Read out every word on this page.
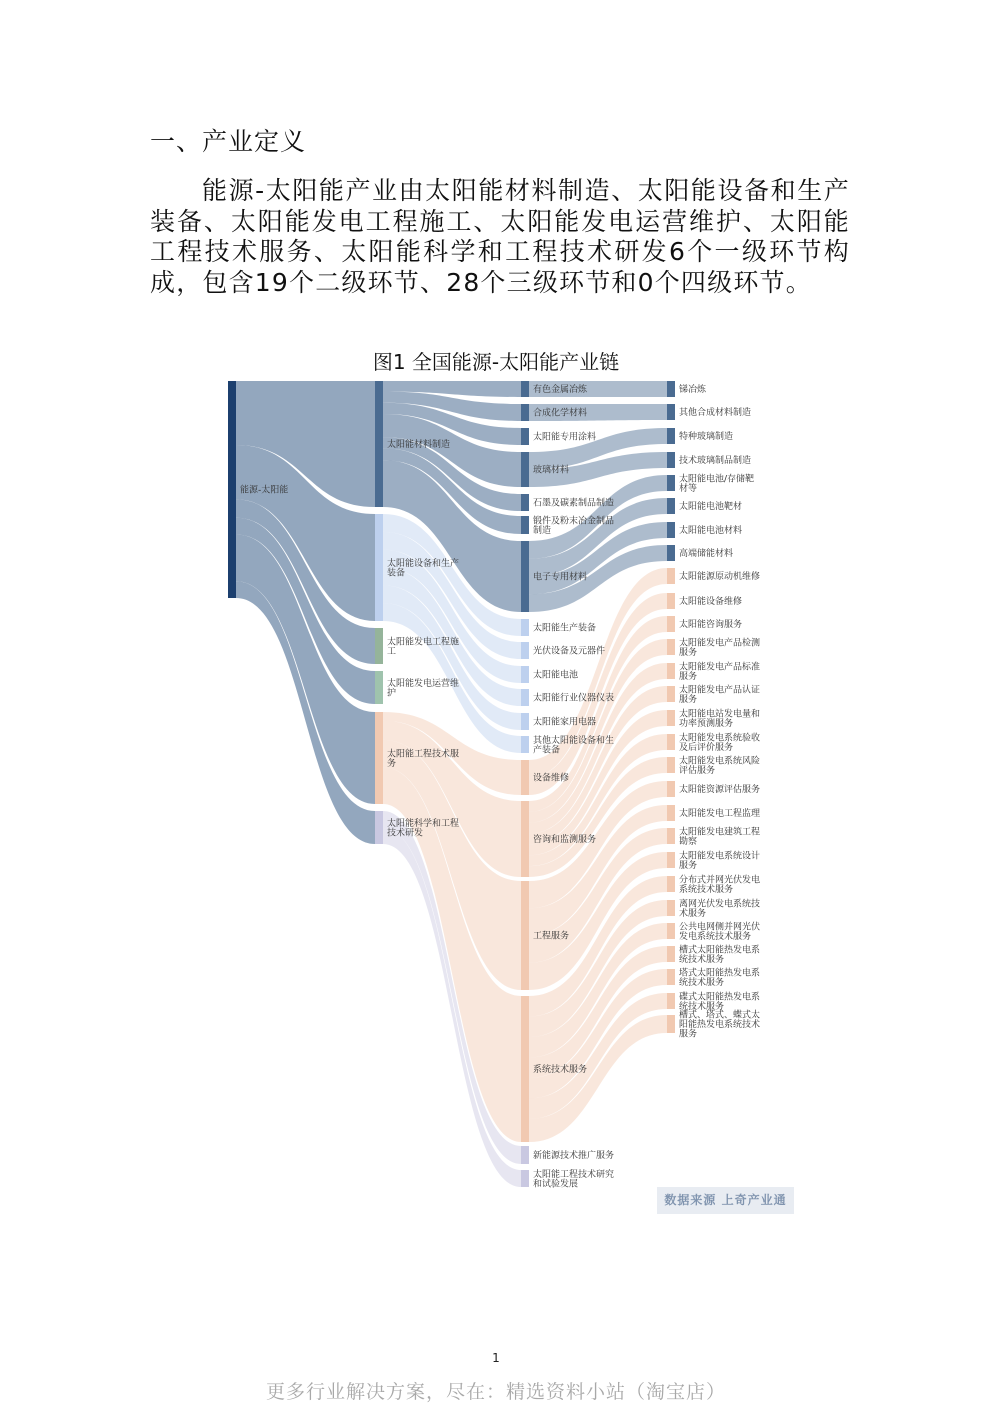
一、产业定义
能源-太阳能产业由太阳能材料制造、太阳能设备和生产装备、太阳能发电工程施工、太阳能发电运营维护、太阳能工程技术服务、太阳能科学和工程技术研发6个一级环节构成，包含19个二级环节、28个三级环节和0个四级环节。
图1 全国能源-太阳能产业链
能源-太阳能
太阳能材料制造
太阳能设备和生产装备
太阳能发电工程施工
太阳能发电运营维护
太阳能工程技术服务
太阳能科学和工程技术研发
有色金属冶炼
合成化学材料
太阳能专用涂料
玻璃材料
石墨及碳素制品制造
锻件及粉末冶金制品制造
电子专用材料
太阳能生产装备
光伏设备及元器件
太阳能电池
太阳能行业仪器仪表
太阳能家用电器
其他太阳能设备和生产装备
设备维修
咨询和监测服务
工程服务
系统技术服务
新能源技术推广服务
太阳能工程技术研究和试验发展
锑冶炼
其他合成材料制造
特种玻璃制造
技术玻璃制品制造
太阳能电池/存储靶材等
太阳能电池靶材
太阳能电池材料
高端储能材料
太阳能源原动机维修
太阳能设备维修
太阳能咨询服务
太阳能发电产品检测服务
太阳能发电产品标准服务
太阳能发电产品认证服务
太阳能电站发电量和功率预测服务
太阳能发电系统验收及后评价服务
太阳能发电系统风险评估服务
太阳能资源评估服务
太阳能发电工程监理
太阳能发电建筑工程勘察
太阳能发电系统设计服务
分布式并网光伏发电系统技术服务
离网光伏发电系统技术服务
公共电网侧并网光伏发电系统技术服务
槽式太阳能热发电系统技术服务
塔式太阳能热发电系统技术服务
碟式太阳能热发电系统技术服务
槽式、塔式、蝶式太阳能热发电系统技术服务
数据来源 上奇产业通
1
更多行业解决方案，尽在：精选资料小站（淘宝店）
